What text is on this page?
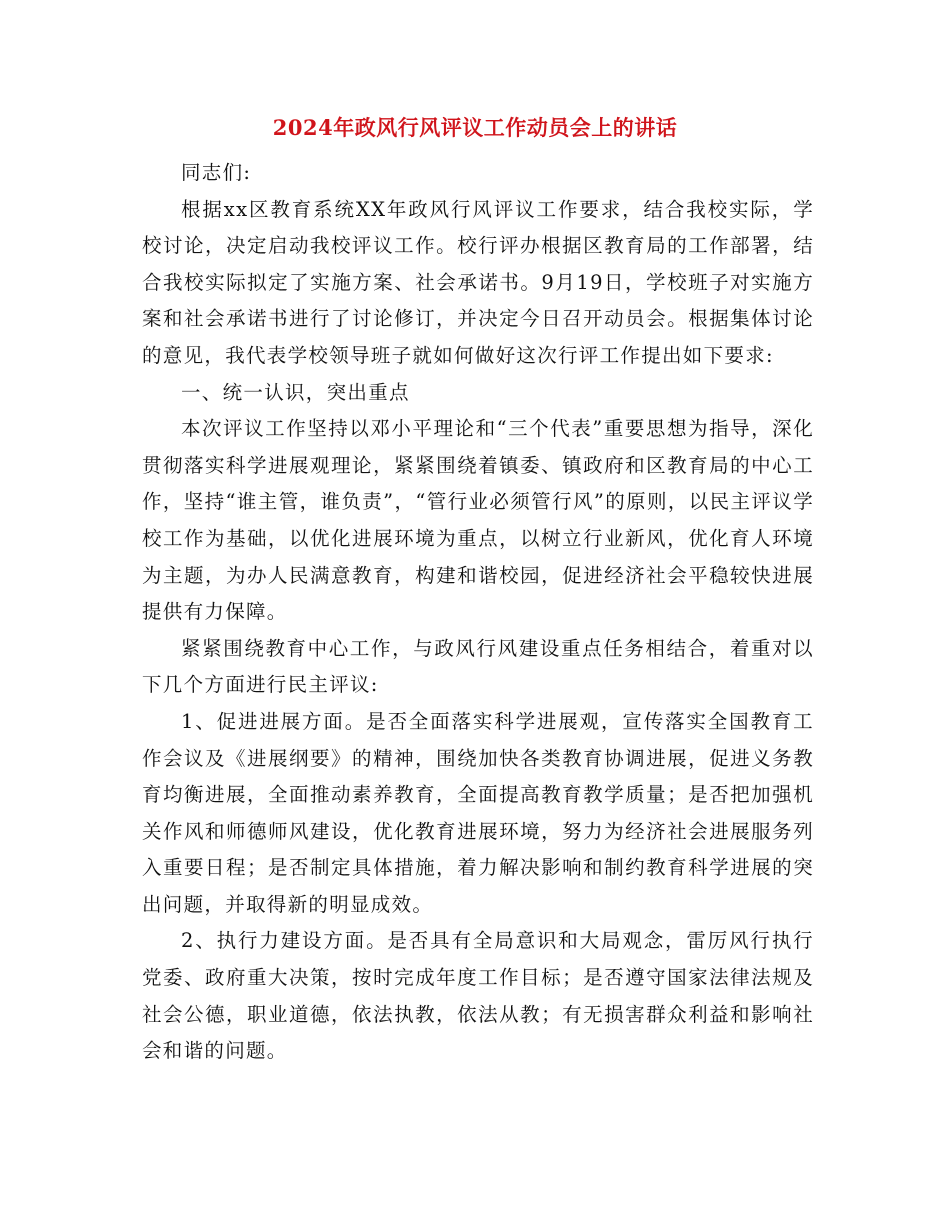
2024年政风行风评议工作动员会上的讲话

同志们:

根据xx区教育系统XX年政风行风评议工作要求，结合我校实际，学校讨论，决定启动我校评议工作。校行评办根据区教育局的工作部署，结合我校实际拟定了实施方案、社会承诺书。9月19日，学校班子对实施方案和社会承诺书进行了讨论修订，并决定今日召开动员会。根据集体讨论的意见，我代表学校领导班子就如何做好这次行评工作提出如下要求:

一、统一认识，突出重点

本次评议工作坚持以邓小平理论和“三个代表”重要思想为指导，深化贯彻落实科学进展观理论，紧紧围绕着镇委、镇政府和区教育局的中心工作，坚持“谁主管，谁负责”，“管行业必须管行风”的原则，以民主评议学校工作为基础，以优化进展环境为重点，以树立行业新风，优化育人环境为主题，为办人民满意教育，构建和谐校园，促进经济社会平稳较快进展提供有力保障。

紧紧围绕教育中心工作，与政风行风建设重点任务相结合，着重对以下几个方面进行民主评议:

1、促进进展方面。是否全面落实科学进展观，宣传落实全国教育工作会议及《进展纲要》的精神，围绕加快各类教育协调进展，促进义务教育均衡进展，全面推动素养教育，全面提高教育教学质量；是否把加强机关作风和师德师风建设，优化教育进展环境，努力为经济社会进展服务列入重要日程；是否制定具体措施，着力解决影响和制约教育科学进展的突出问题，并取得新的明显成效。

2、执行力建设方面。是否具有全局意识和大局观念，雷厉风行执行党委、政府重大决策，按时完成年度工作目标；是否遵守国家法律法规及社会公德，职业道德，依法执教，依法从教；有无损害群众利益和影响社会和谐的问题。
